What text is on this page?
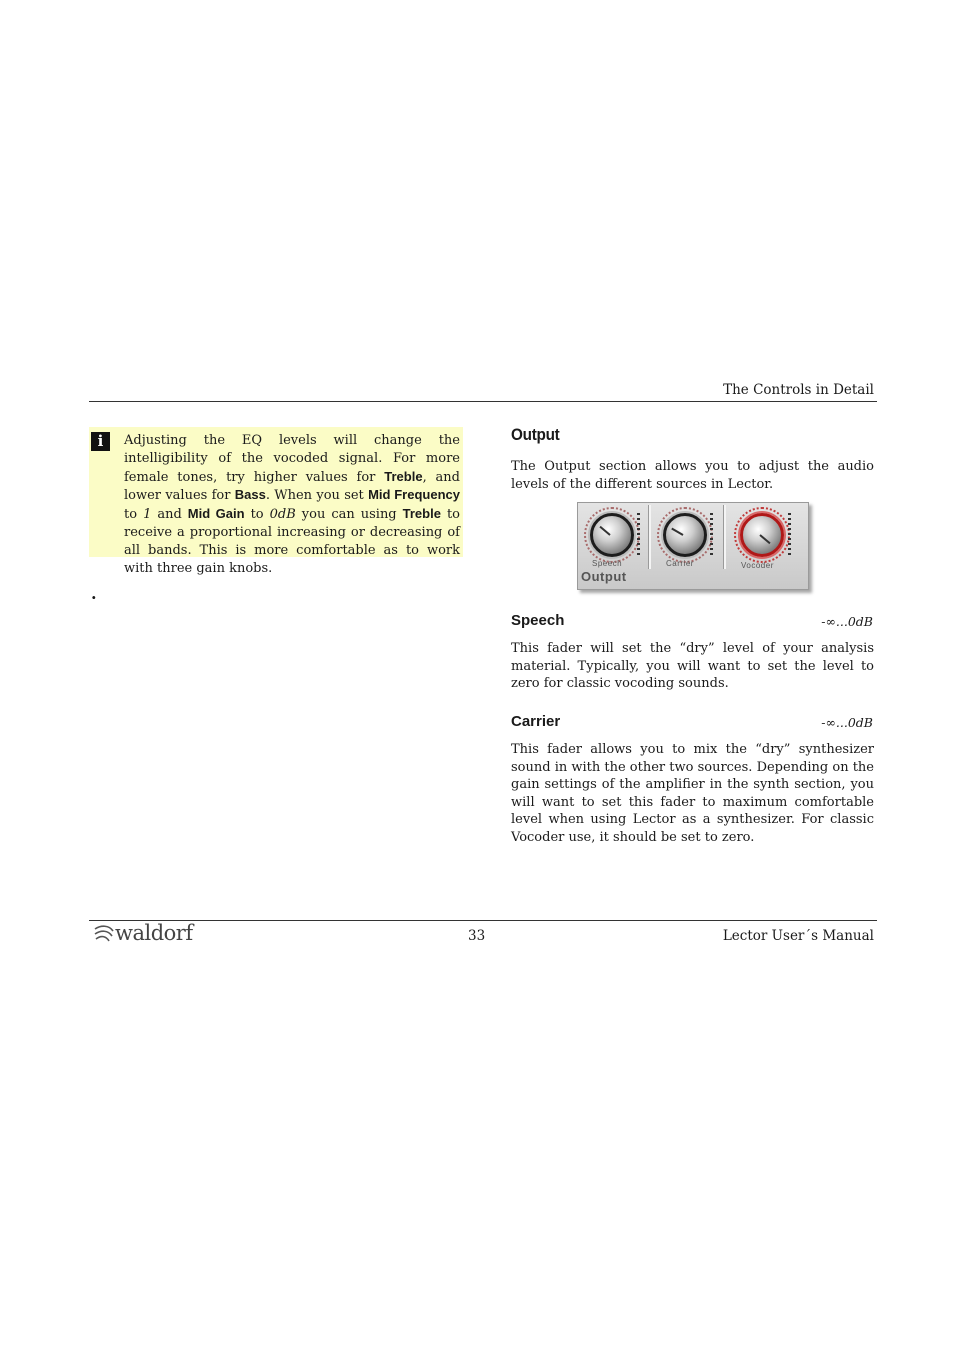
The Controls in Detail
i	Adjusting the EQ levels will change the intelligibility of the vocoded signal. For more female tones, try higher values for Treble, and lower values for Bass. When you set Mid Frequency to 1 and Mid Gain to 0dB you can using Treble to receive a proportional increasing or decreasing of all bands. This is more comfortable as to work with three gain knobs.
.
Output
The Output section allows you to adjust the audio levels of the different sources in Lector.
Speech	Carrier	Vocoder
Output
Speech	-∞...0dB
This fader will set the “dry” level of your analysis material. Typically, you will want to set the level to zero for classic vocoding sounds.
Carrier	-∞...0dB
This fader allows you to mix the “dry” synthesizer sound in with the other two sources. Depending on the gain settings of the amplifier in the synth section, you will want to set this fader to maximum comfortable level when using Lector as a synthesizer. For classic Vocoder use, it should be set to zero.
waldorf	33	Lector User´s Manual
